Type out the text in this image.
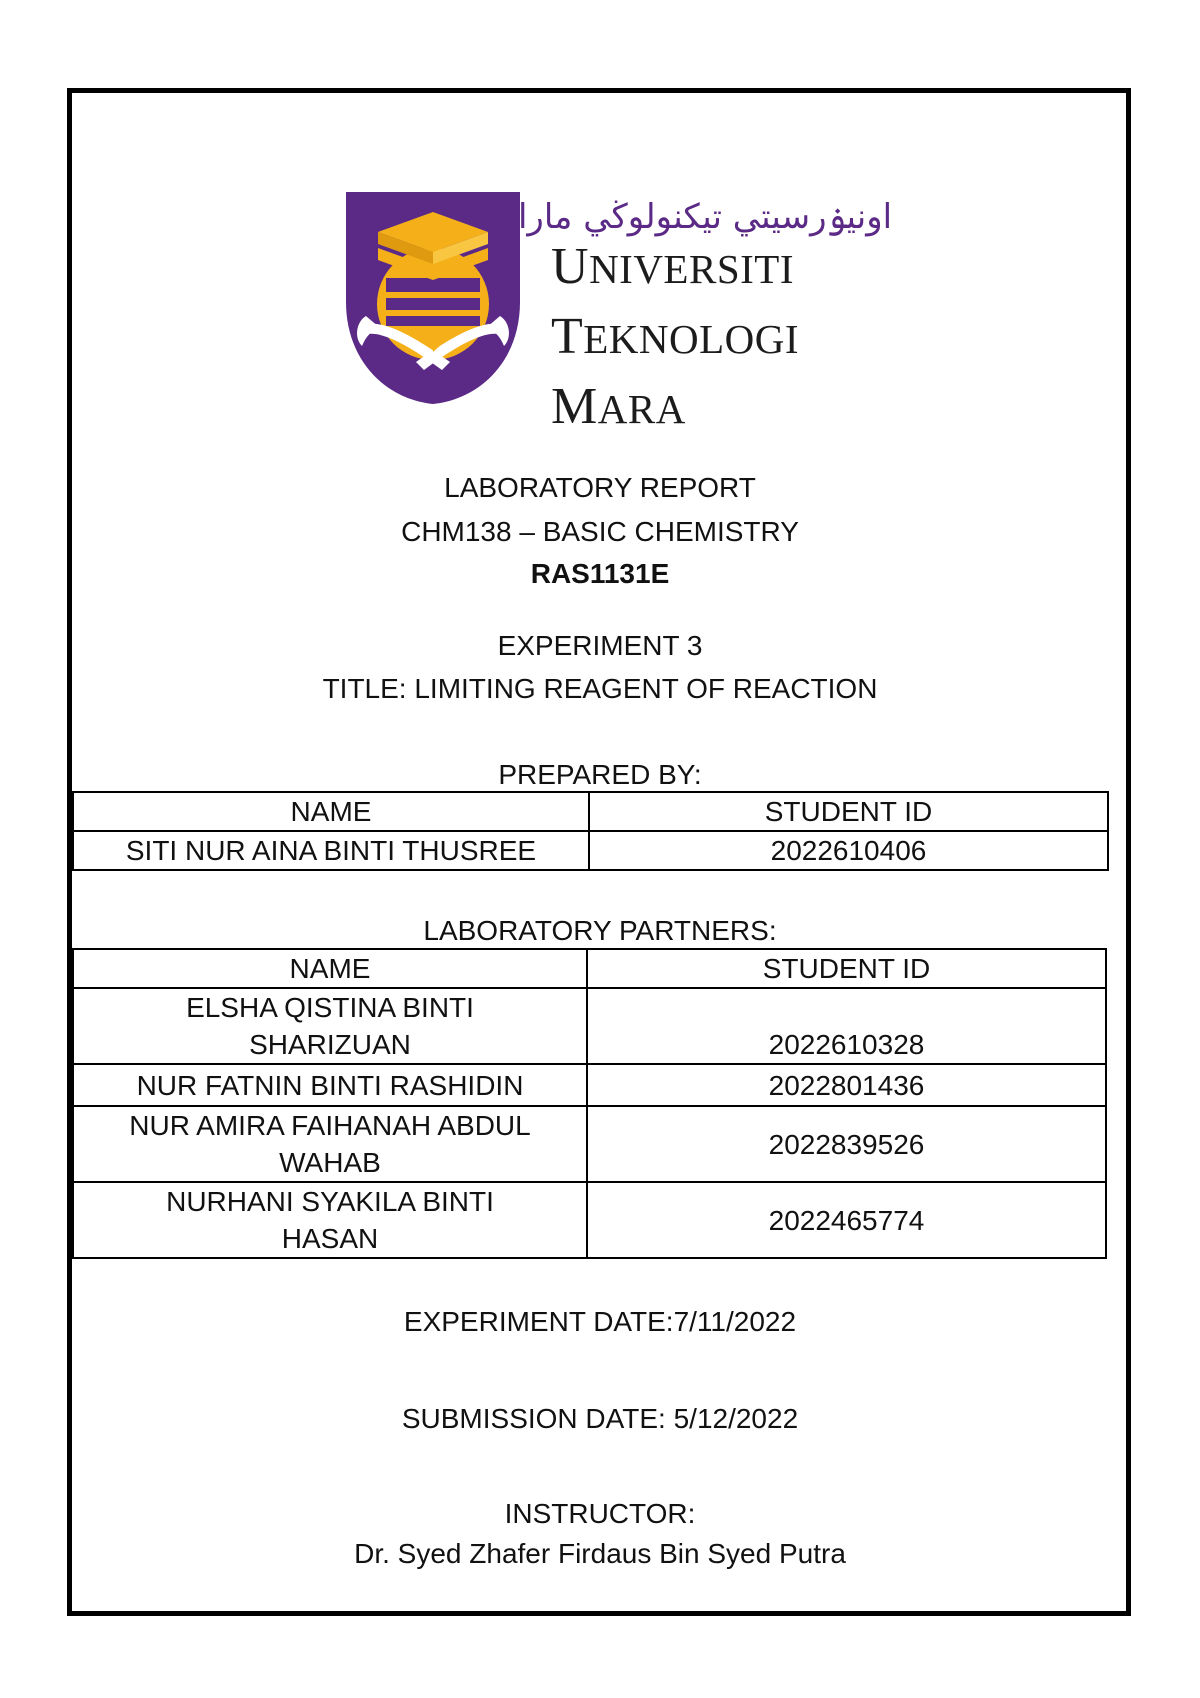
اونيۏرسيتي تيكنولوڬي مارا
UNIVERSITI
TEKNOLOGI
MARA
LABORATORY REPORT
CHM138 – BASIC CHEMISTRY
RAS1131E
EXPERIMENT 3
TITLE: LIMITING REAGENT OF REACTION
PREPARED BY:
NAME	STUDENT ID
SITI NUR AINA BINTI THUSREE	2022610406
LABORATORY PARTNERS:
NAME	STUDENT ID
ELSHA QISTINA BINTI
SHARIZUAN	2022610328
NUR FATNIN BINTI RASHIDIN	2022801436
NUR AMIRA FAIHANAH ABDUL
WAHAB	2022839526
NURHANI SYAKILA BINTI
HASAN	2022465774
EXPERIMENT DATE:7/11/2022
SUBMISSION DATE: 5/12/2022
INSTRUCTOR:
Dr. Syed Zhafer Firdaus Bin Syed Putra
